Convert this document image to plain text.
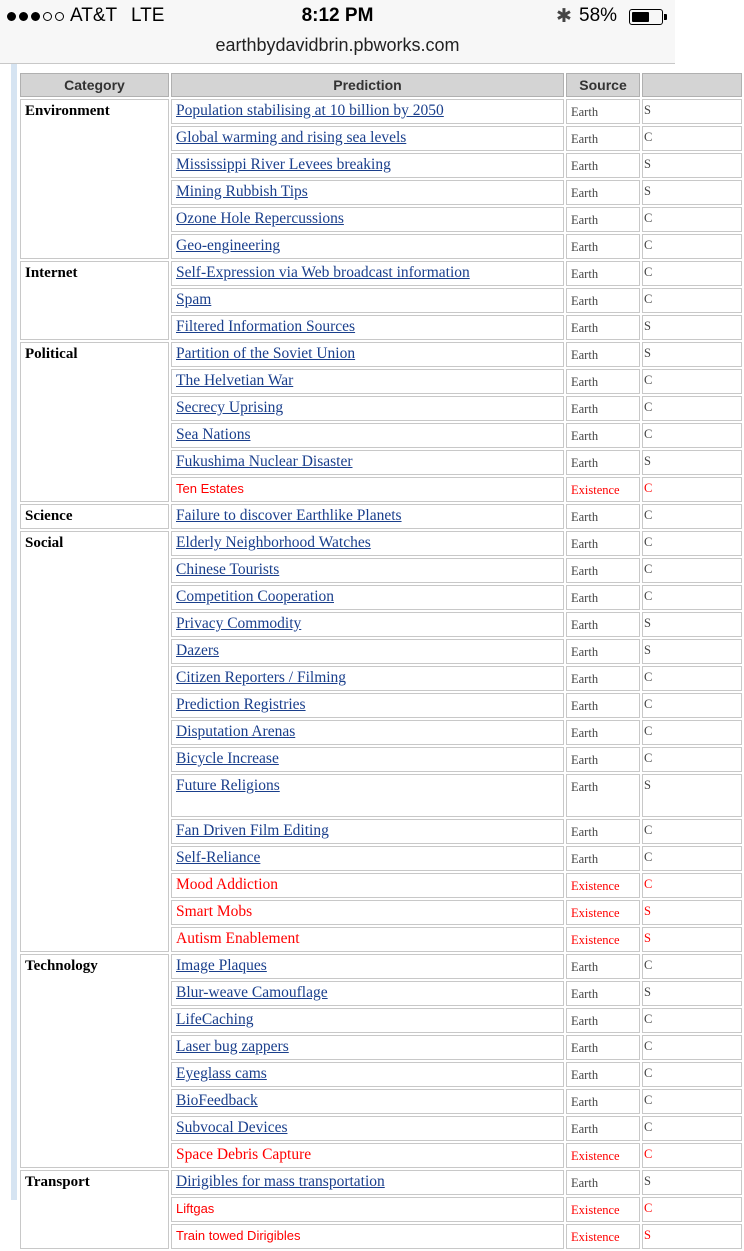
AT&T LTE	8:12 PM	✱ 58%
earthbydavidbrin.pbworks.com
Category	Prediction	Source	
Environment	Population stabilising at 10 billion by 2050	Earth	S
	Global warming and rising sea levels	Earth	C
	Mississippi River Levees breaking	Earth	S
	Mining Rubbish Tips	Earth	S
	Ozone Hole Repercussions	Earth	C
	Geo-engineering	Earth	C
Internet	Self-Expression via Web broadcast information	Earth	C
	Spam	Earth	C
	Filtered Information Sources	Earth	S
Political	Partition of the Soviet Union	Earth	S
	The Helvetian War	Earth	C
	Secrecy Uprising	Earth	C
	Sea Nations	Earth	C
	Fukushima Nuclear Disaster	Earth	S
	Ten Estates	Existence	C
Science	Failure to discover Earthlike Planets	Earth	C
Social	Elderly Neighborhood Watches	Earth	C
	Chinese Tourists	Earth	C
	Competition Cooperation	Earth	C
	Privacy Commodity	Earth	S
	Dazers	Earth	S
	Citizen Reporters / Filming	Earth	C
	Prediction Registries	Earth	C
	Disputation Arenas	Earth	C
	Bicycle Increase	Earth	C
	Future Religions	Earth	S
	Fan Driven Film Editing	Earth	C
	Self-Reliance	Earth	C
	Mood Addiction	Existence	C
	Smart Mobs	Existence	S
	Autism Enablement	Existence	S
Technology	Image Plaques	Earth	C
	Blur-weave Camouflage	Earth	S
	LifeCaching	Earth	C
	Laser bug zappers	Earth	C
	Eyeglass cams	Earth	C
	BioFeedback	Earth	C
	Subvocal Devices	Earth	C
	Space Debris Capture	Existence	C
Transport	Dirigibles for mass transportation	Earth	S
	Liftgas	Existence	C
	Train towed Dirigibles	Existence	S
